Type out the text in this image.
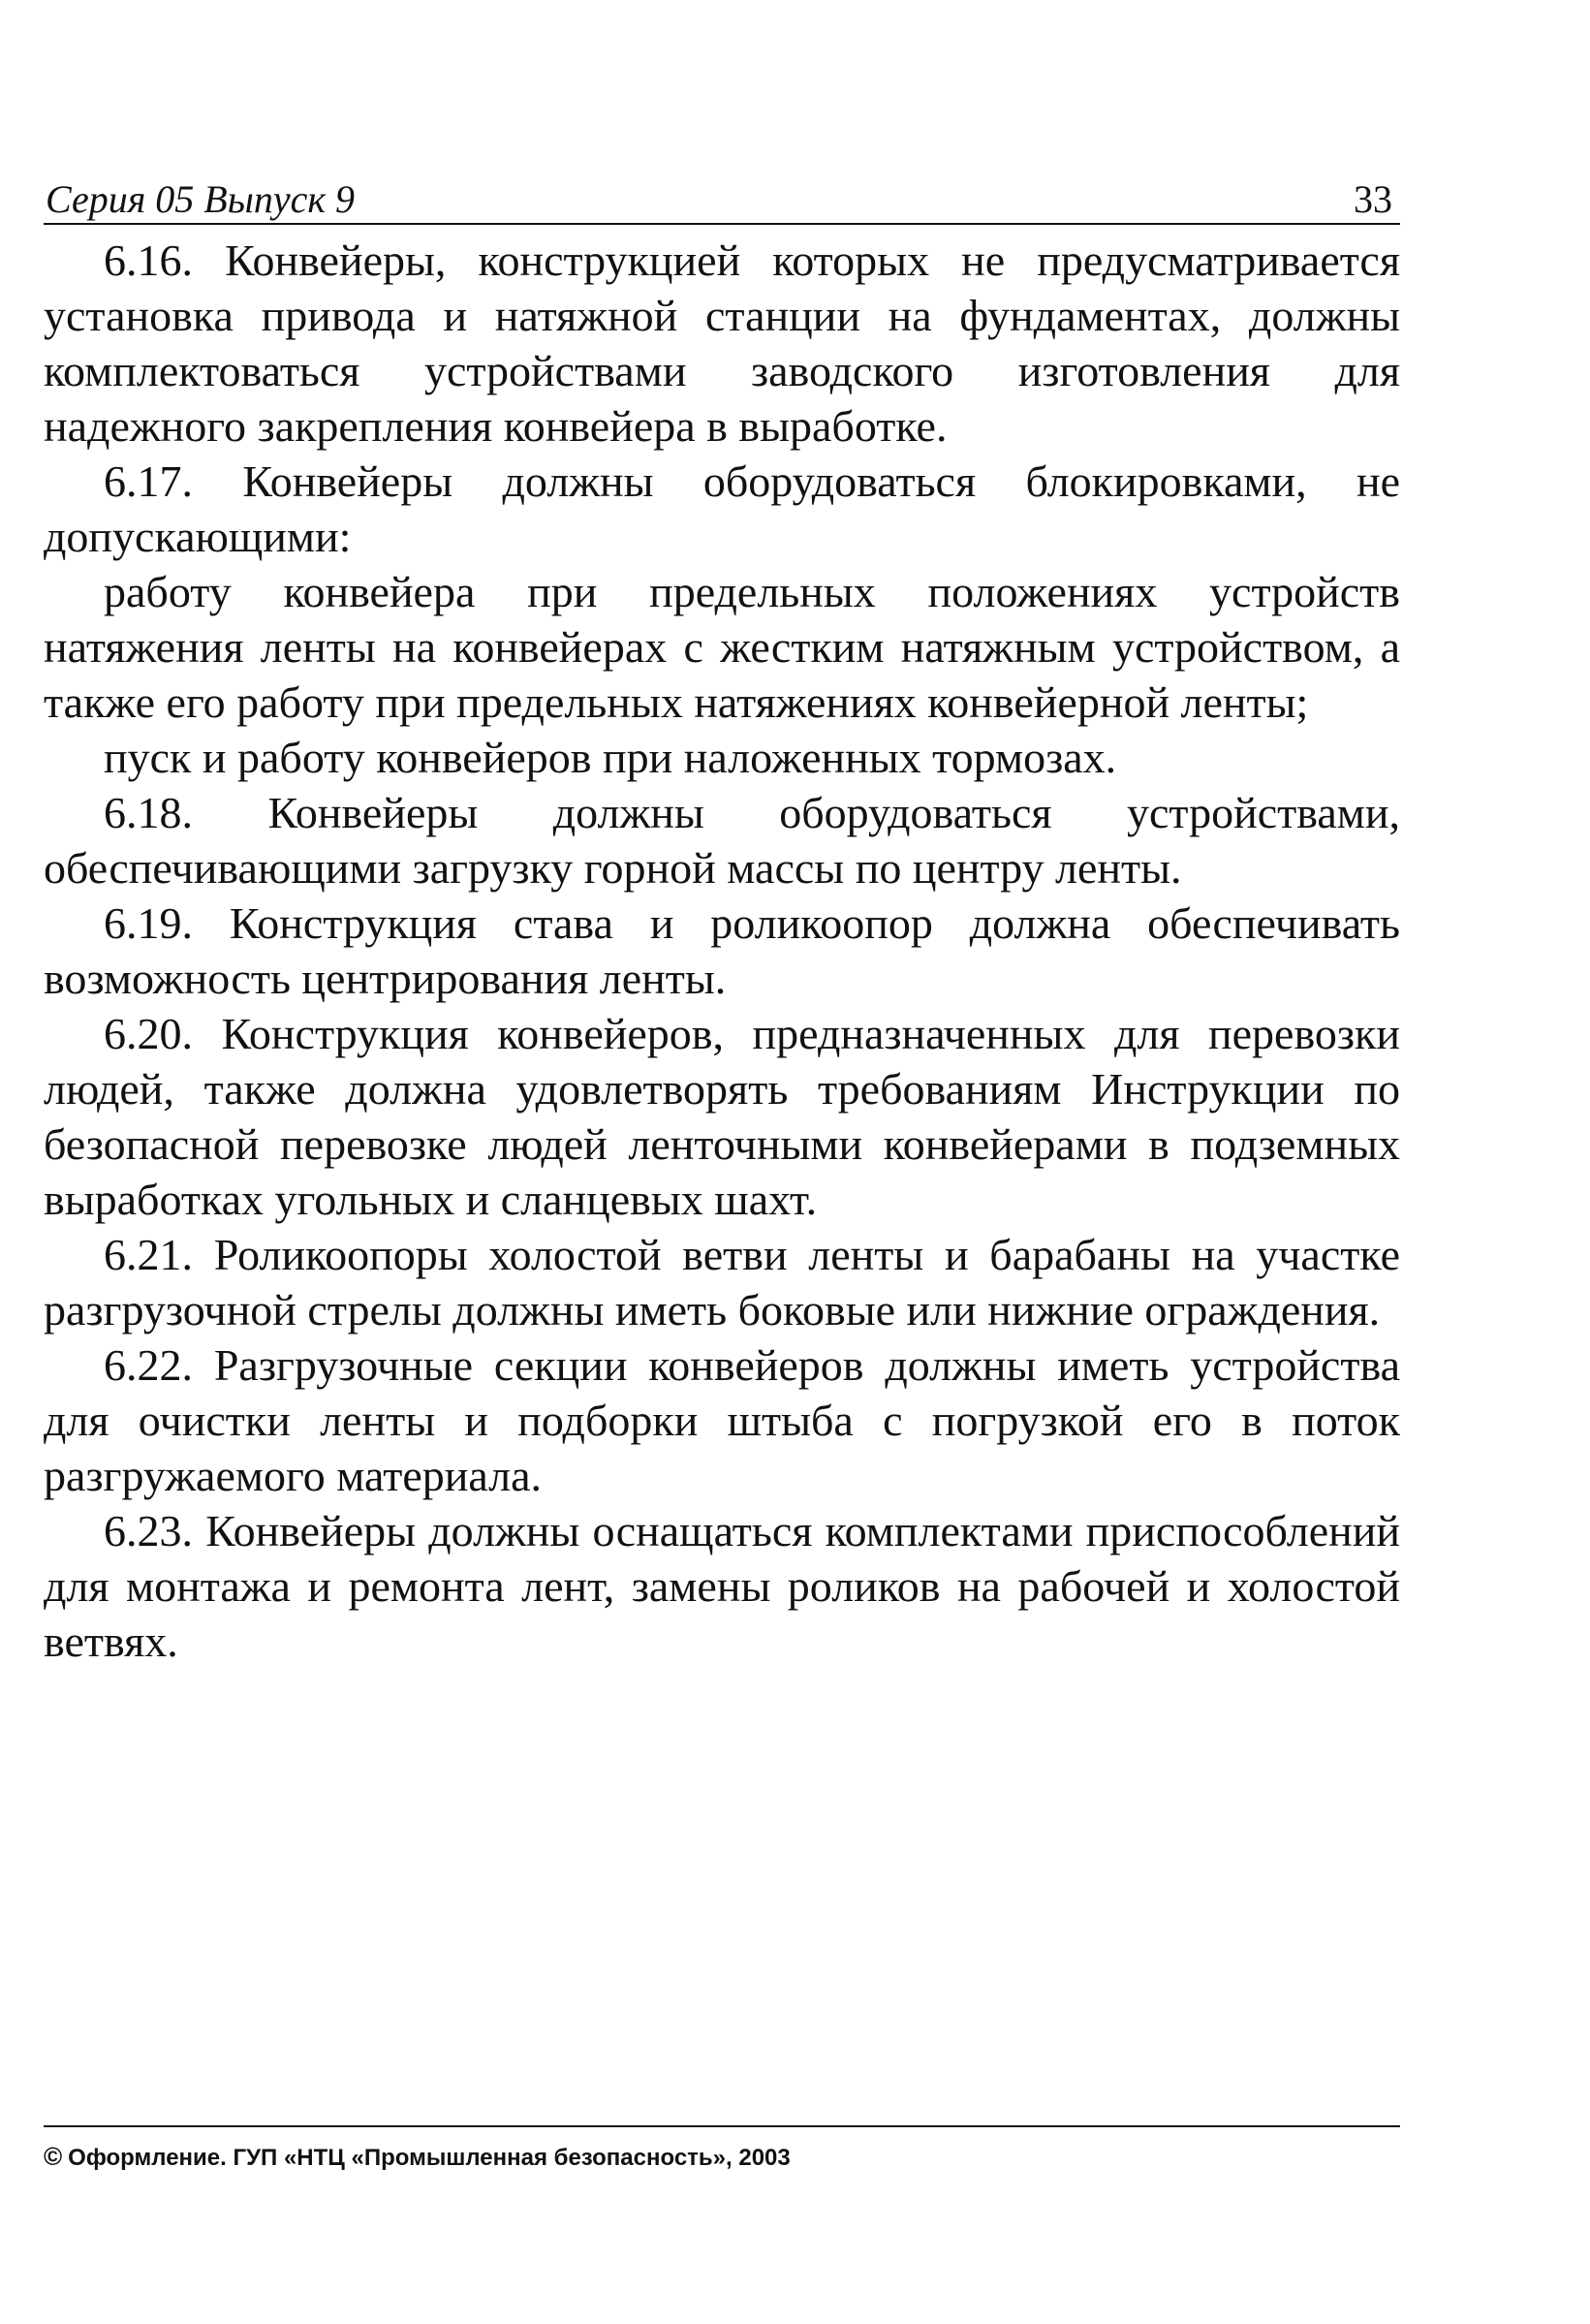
Серия 05 Выпуск 9	33

6.16. Конвейеры, конструкцией которых не предусматривается установка привода и натяжной станции на фундаментах, должны комплектоваться устройствами заводского изготовления для надежного закрепления конвейера в выработке.

6.17. Конвейеры должны оборудоваться блокировками, не допускающими:

работу конвейера при предельных положениях устройств натяжения ленты на конвейерах с жестким натяжным устройством, а также его работу при предельных натяжениях конвейерной ленты;

пуск и работу конвейеров при наложенных тормозах.

6.18. Конвейеры должны оборудоваться устройствами, обеспечивающими загрузку горной массы по центру ленты.

6.19. Конструкция става и роликоопор должна обеспечивать возможность центрирования ленты.

6.20. Конструкция конвейеров, предназначенных для перевозки людей, также должна удовлетворять требованиям Инструкции по безопасной перевозке людей ленточными конвейерами в подземных выработках угольных и сланцевых шахт.

6.21. Роликоопоры холостой ветви ленты и барабаны на участке разгрузочной стрелы должны иметь боковые или нижние ограждения.

6.22. Разгрузочные секции конвейеров должны иметь устройства для очистки ленты и подборки штыба с погрузкой его в поток разгружаемого материала.

6.23. Конвейеры должны оснащаться комплектами приспособлений для монтажа и ремонта лент, замены роликов на рабочей и холостой ветвях.

© Оформление. ГУП «НТЦ «Промышленная безопасность», 2003
